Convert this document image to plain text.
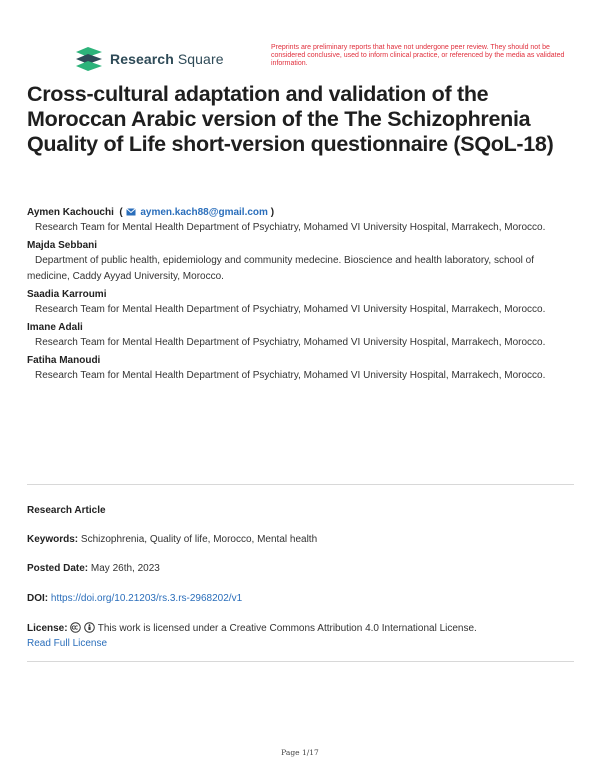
Research Square
Preprints are preliminary reports that have not undergone peer review. They should not be considered conclusive, used to inform clinical practice, or referenced by the media as validated information.
Cross-cultural adaptation and validation of the Moroccan Arabic version of the The Schizophrenia Quality of Life short-version questionnaire (SQoL-18)
Aymen Kachouchi  (  aymen.kach88@gmail.com )
Research Team for Mental Health Department of Psychiatry, Mohamed VI University Hospital, Marrakech, Morocco.
Majda Sebbani
Department of public health, epidemiology and community medecine. Bioscience and health laboratory, school of medicine, Caddy Ayyad University, Morocco.
Saadia Karroumi
Research Team for Mental Health Department of Psychiatry, Mohamed VI University Hospital, Marrakech, Morocco.
Imane Adali
Research Team for Mental Health Department of Psychiatry, Mohamed VI University Hospital, Marrakech, Morocco.
Fatiha Manoudi
Research Team for Mental Health Department of Psychiatry, Mohamed VI University Hospital, Marrakech, Morocco.
Research Article
Keywords: Schizophrenia, Quality of life, Morocco, Mental health
Posted Date: May 26th, 2023
DOI: https://doi.org/10.21203/rs.3.rs-2968202/v1
License:	This work is licensed under a Creative Commons Attribution 4.0 International License.
Read Full License
Page 1/17
